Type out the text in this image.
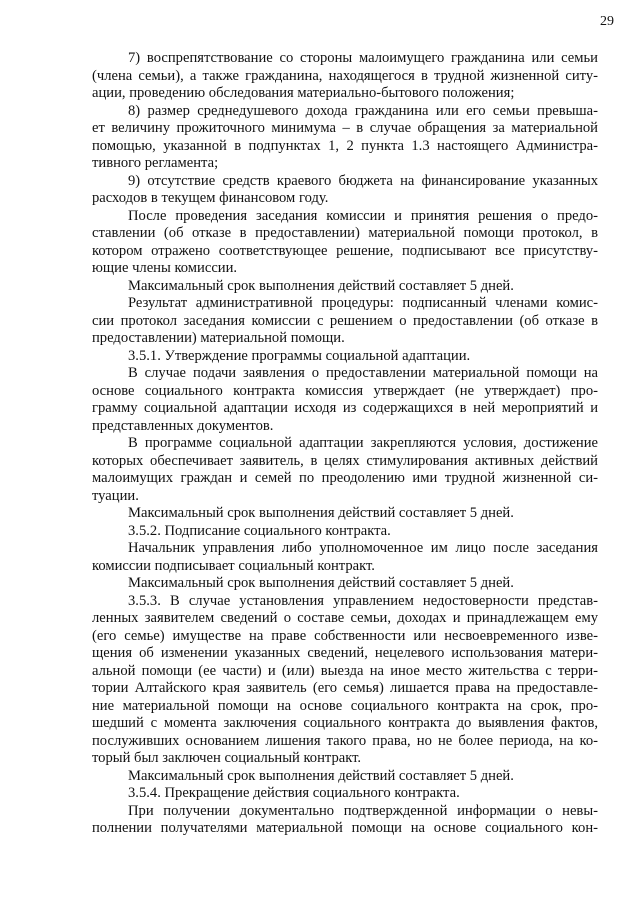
29

7) воспрепятствование со стороны малоимущего гражданина или семьи
(члена семьи), а также гражданина, находящегося в трудной жизненной ситу-
ации, проведению обследования материально-бытового положения;

8) размер среднедушевого дохода гражданина или его семьи превыша-
ет величину прожиточного минимума – в случае обращения за материальной
помощью, указанной в подпунктах 1, 2 пункта 1.3 настоящего Администра-
тивного регламента;

9) отсутствие средств краевого бюджета на финансирование указанных
расходов в текущем финансовом году.

После проведения заседания комиссии и принятия решения о предо-
ставлении (об отказе в предоставлении) материальной помощи протокол, в
котором отражено соответствующее решение, подписывают все присутству-
ющие члены комиссии.

Максимальный срок выполнения действий составляет 5 дней.

Результат административной процедуры: подписанный членами комис-
сии протокол заседания комиссии с решением о предоставлении (об отказе в
предоставлении) материальной помощи.

3.5.1. Утверждение программы социальной адаптации.

В случае подачи заявления о предоставлении материальной помощи на
основе социального контракта комиссия утверждает (не утверждает) про-
грамму социальной адаптации исходя из содержащихся в ней мероприятий и
представленных документов.

В программе социальной адаптации закрепляются условия, достижение
которых обеспечивает заявитель, в целях стимулирования активных действий
малоимущих граждан и семей по преодолению ими трудной жизненной си-
туации.

Максимальный срок выполнения действий составляет 5 дней.

3.5.2. Подписание социального контракта.

Начальник управления либо уполномоченное им лицо после заседания
комиссии подписывает социальный контракт.

Максимальный срок выполнения действий составляет 5 дней.

3.5.3. В случае установления управлением недостоверности представ-
ленных заявителем сведений о составе семьи, доходах и принадлежащем ему
(его семье) имуществе на праве собственности или несвоевременного изве-
щения об изменении указанных сведений, нецелевого использования матери-
альной помощи (ее части) и (или) выезда на иное место жительства с терри-
тории Алтайского края заявитель (его семья) лишается права на предоставле-
ние материальной помощи на основе социального контракта на срок, про-
шедший с момента заключения социального контракта до выявления фактов,
послуживших основанием лишения такого права, но не более периода, на ко-
торый был заключен социальный контракт.

Максимальный срок выполнения действий составляет 5 дней.

3.5.4. Прекращение действия социального контракта.

При получении документально подтвержденной информации о невы-
полнении получателями материальной помощи на основе социального кон-
